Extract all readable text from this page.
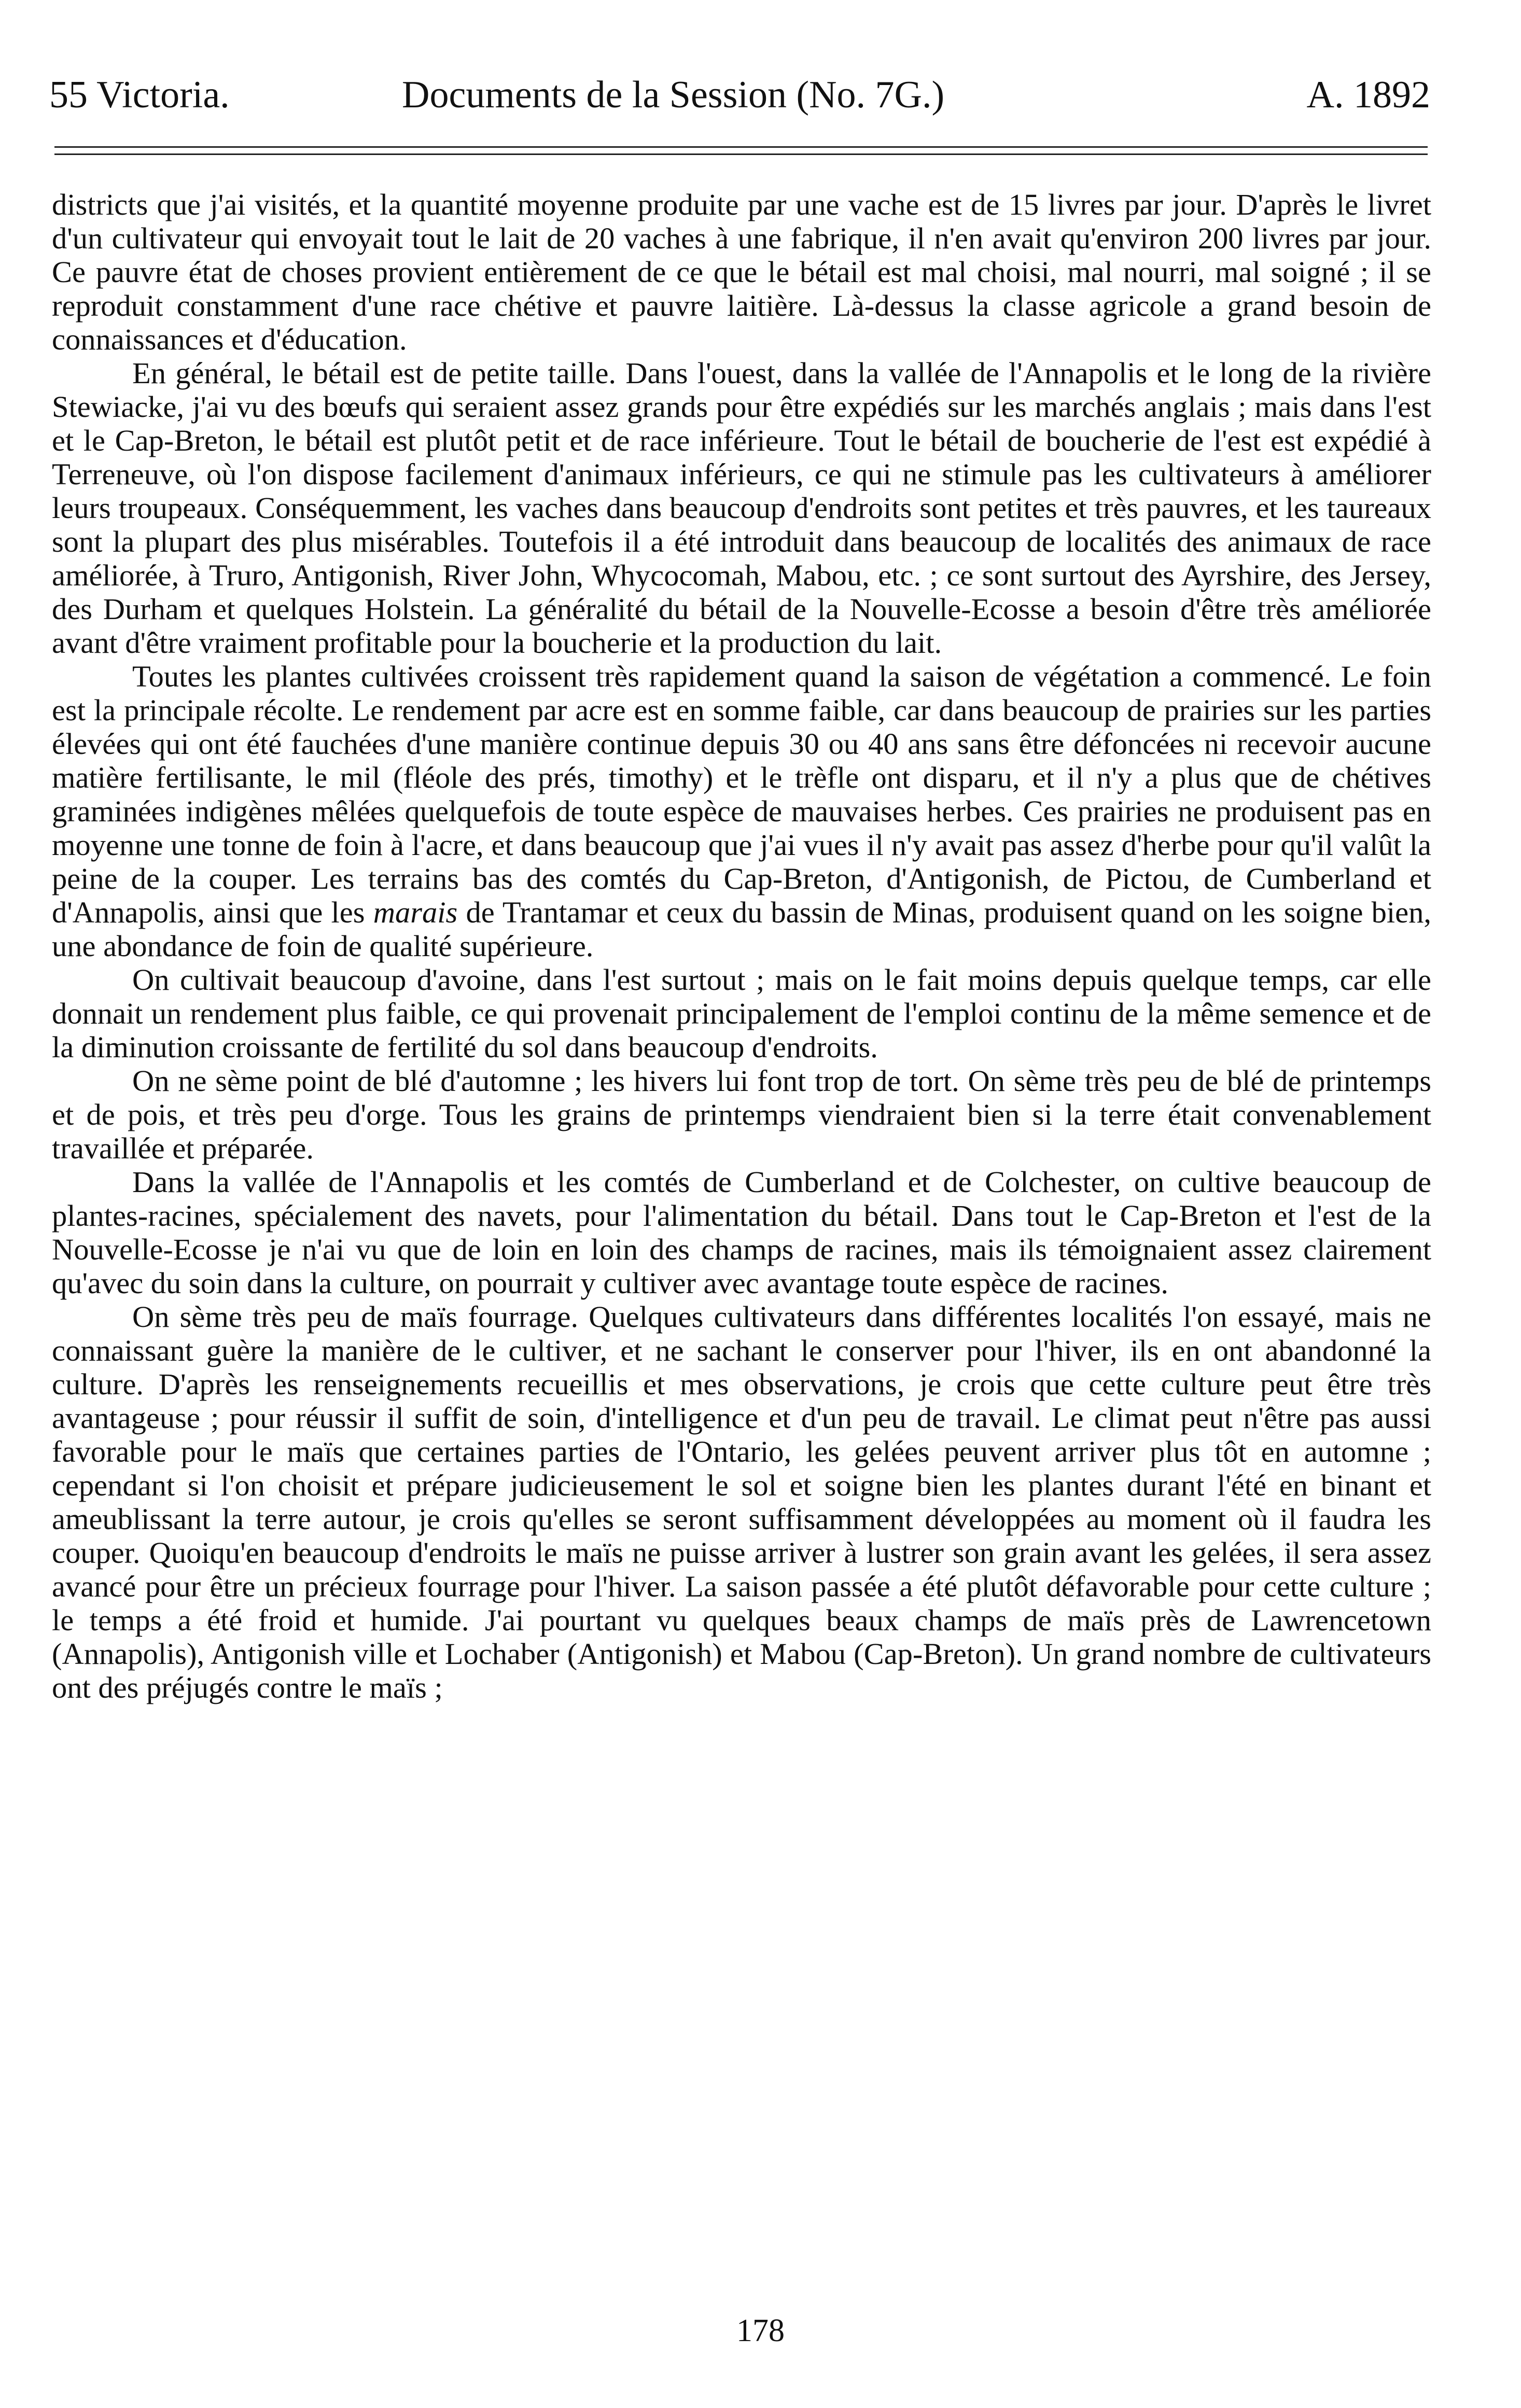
55 Victoria.	Documents de la Session (No. 7G.)	A. 1892

districts que j'ai visités, et la quantité moyenne produite par une vache est de 15 livres par jour. D'après le livret d'un cultivateur qui envoyait tout le lait de 20 vaches à une fabrique, il n'en avait qu'environ 200 livres par jour. Ce pauvre état de choses provient entièrement de ce que le bétail est mal choisi, mal nourri, mal soigné ; il se reproduit constamment d'une race chétive et pauvre laitière. Là-dessus la classe agricole a grand besoin de connaissances et d'éducation.

En général, le bétail est de petite taille. Dans l'ouest, dans la vallée de l'Annapolis et le long de la rivière Stewiacke, j'ai vu des bœufs qui seraient assez grands pour être expédiés sur les marchés anglais ; mais dans l'est et le Cap-Breton, le bétail est plutôt petit et de race inférieure. Tout le bétail de boucherie de l'est est expédié à Terreneuve, où l'on dispose facilement d'animaux inférieurs, ce qui ne stimule pas les cultivateurs à améliorer leurs troupeaux. Conséquemment, les vaches dans beaucoup d'endroits sont petites et très pauvres, et les taureaux sont la plupart des plus misérables. Toutefois il a été introduit dans beaucoup de localités des animaux de race améliorée, à Truro, Antigonish, River John, Whycocomah, Mabou, etc. ; ce sont surtout des Ayrshire, des Jersey, des Durham et quelques Holstein. La généralité du bétail de la Nouvelle-Ecosse a besoin d'être très améliorée avant d'être vraiment profitable pour la boucherie et la production du lait.

Toutes les plantes cultivées croissent très rapidement quand la saison de végétation a commencé. Le foin est la principale récolte. Le rendement par acre est en somme faible, car dans beaucoup de prairies sur les parties élevées qui ont été fauchées d'une manière continue depuis 30 ou 40 ans sans être défoncées ni recevoir aucune matière fertilisante, le mil (fléole des prés, timothy) et le trèfle ont disparu, et il n'y a plus que de chétives graminées indigènes mêlées quelquefois de toute espèce de mauvaises herbes. Ces prairies ne produisent pas en moyenne une tonne de foin à l'acre, et dans beaucoup que j'ai vues il n'y avait pas assez d'herbe pour qu'il valût la peine de la couper. Les terrains bas des comtés du Cap-Breton, d'Antigonish, de Pictou, de Cumberland et d'Annapolis, ainsi que les marais de Trantamar et ceux du bassin de Minas, produisent quand on les soigne bien, une abondance de foin de qualité supérieure.

On cultivait beaucoup d'avoine, dans l'est surtout ; mais on le fait moins depuis quelque temps, car elle donnait un rendement plus faible, ce qui provenait principalement de l'emploi continu de la même semence et de la diminution croissante de fertilité du sol dans beaucoup d'endroits.

On ne sème point de blé d'automne ; les hivers lui font trop de tort. On sème très peu de blé de printemps et de pois, et très peu d'orge. Tous les grains de printemps viendraient bien si la terre était convenablement travaillée et préparée.

Dans la vallée de l'Annapolis et les comtés de Cumberland et de Colchester, on cultive beaucoup de plantes-racines, spécialement des navets, pour l'alimentation du bétail. Dans tout le Cap-Breton et l'est de la Nouvelle-Ecosse je n'ai vu que de loin en loin des champs de racines, mais ils témoignaient assez clairement qu'avec du soin dans la culture, on pourrait y cultiver avec avantage toute espèce de racines.

On sème très peu de maïs fourrage. Quelques cultivateurs dans différentes localités l'on essayé, mais ne connaissant guère la manière de le cultiver, et ne sachant le conserver pour l'hiver, ils en ont abandonné la culture. D'après les renseignements recueillis et mes observations, je crois que cette culture peut être très avantageuse ; pour réussir il suffit de soin, d'intelligence et d'un peu de travail. Le climat peut n'être pas aussi favorable pour le maïs que certaines parties de l'Ontario, les gelées peuvent arriver plus tôt en automne ; cependant si l'on choisit et prépare judicieusement le sol et soigne bien les plantes durant l'été en binant et ameublissant la terre autour, je crois qu'elles se seront suffisamment développées au moment où il faudra les couper. Quoiqu'en beaucoup d'endroits le maïs ne puisse arriver à lustrer son grain avant les gelées, il sera assez avancé pour être un précieux fourrage pour l'hiver. La saison passée a été plutôt défavorable pour cette culture ; le temps a été froid et humide. J'ai pourtant vu quelques beaux champs de maïs près de Lawrencetown (Annapolis), Antigonish ville et Lochaber (Antigonish) et Mabou (Cap-Breton). Un grand nombre de cultivateurs ont des préjugés contre le maïs ;

178
